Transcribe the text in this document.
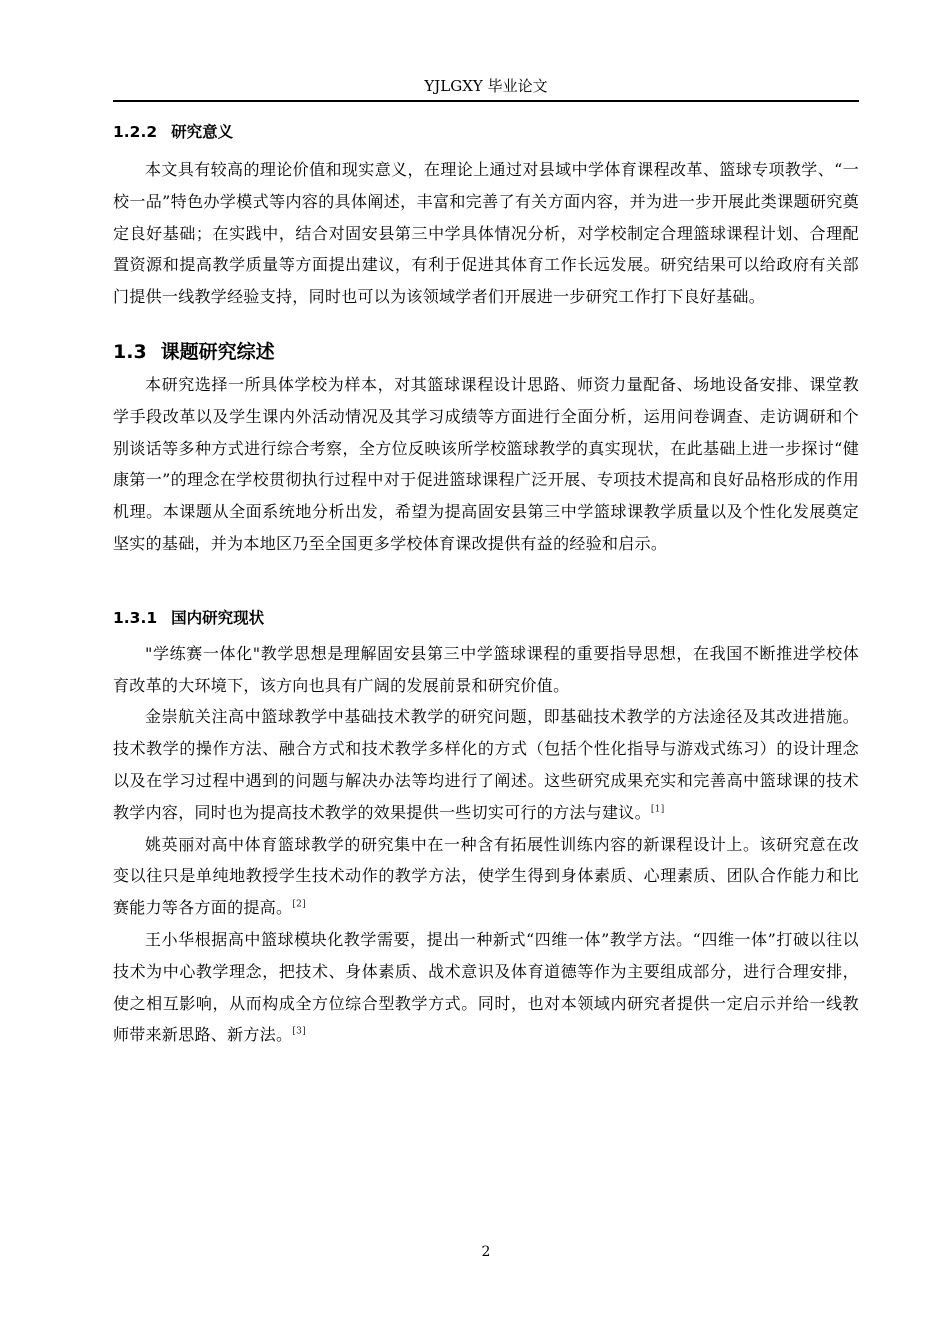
YJLGXY 毕业论文
1.2.2 研究意义

本文具有较高的理论价值和现实意义，在理论上通过对县域中学体育课程改革、篮球专项教学、“一校一品”特色办学模式等内容的具体阐述，丰富和完善了有关方面内容，并为进一步开展此类课题研究奠定良好基础；在实践中，结合对固安县第三中学具体情况分析，对学校制定合理篮球课程计划、合理配置资源和提高教学质量等方面提出建议，有利于促进其体育工作长远发展。研究结果可以给政府有关部门提供一线教学经验支持，同时也可以为该领域学者们开展进一步研究工作打下良好基础。

1.3 课题研究综述

本研究选择一所具体学校为样本，对其篮球课程设计思路、师资力量配备、场地设备安排、课堂教学手段改革以及学生课内外活动情况及其学习成绩等方面进行全面分析，运用问卷调查、走访调研和个别谈话等多种方式进行综合考察，全方位反映该所学校篮球教学的真实现状，在此基础上进一步探讨“健康第一”的理念在学校贯彻执行过程中对于促进篮球课程广泛开展、专项技术提高和良好品格形成的作用机理。本课题从全面系统地分析出发，希望为提高固安县第三中学篮球课教学质量以及个性化发展奠定坚实的基础，并为本地区乃至全国更多学校体育课改提供有益的经验和启示。

1.3.1 国内研究现状

"学练赛一体化"教学思想是理解固安县第三中学篮球课程的重要指导思想，在我国不断推进学校体育改革的大环境下，该方向也具有广阔的发展前景和研究价值。

金崇航关注高中篮球教学中基础技术教学的研究问题，即基础技术教学的方法途径及其改进措施。技术教学的操作方法、融合方式和技术教学多样化的方式（包括个性化指导与游戏式练习）的设计理念以及在学习过程中遇到的问题与解决办法等均进行了阐述。这些研究成果充实和完善高中篮球课的技术教学内容，同时也为提高技术教学的效果提供一些切实可行的方法与建议。[1]

姚英丽对高中体育篮球教学的研究集中在一种含有拓展性训练内容的新课程设计上。该研究意在改变以往只是单纯地教授学生技术动作的教学方法，使学生得到身体素质、心理素质、团队合作能力和比赛能力等各方面的提高。[2]

王小华根据高中篮球模块化教学需要，提出一种新式“四维一体”教学方法。“四维一体”打破以往以技术为中心教学理念，把技术、身体素质、战术意识及体育道德等作为主要组成部分，进行合理安排，使之相互影响，从而构成全方位综合型教学方式。同时，也对本领域内研究者提供一定启示并给一线教师带来新思路、新方法。[3]

2
